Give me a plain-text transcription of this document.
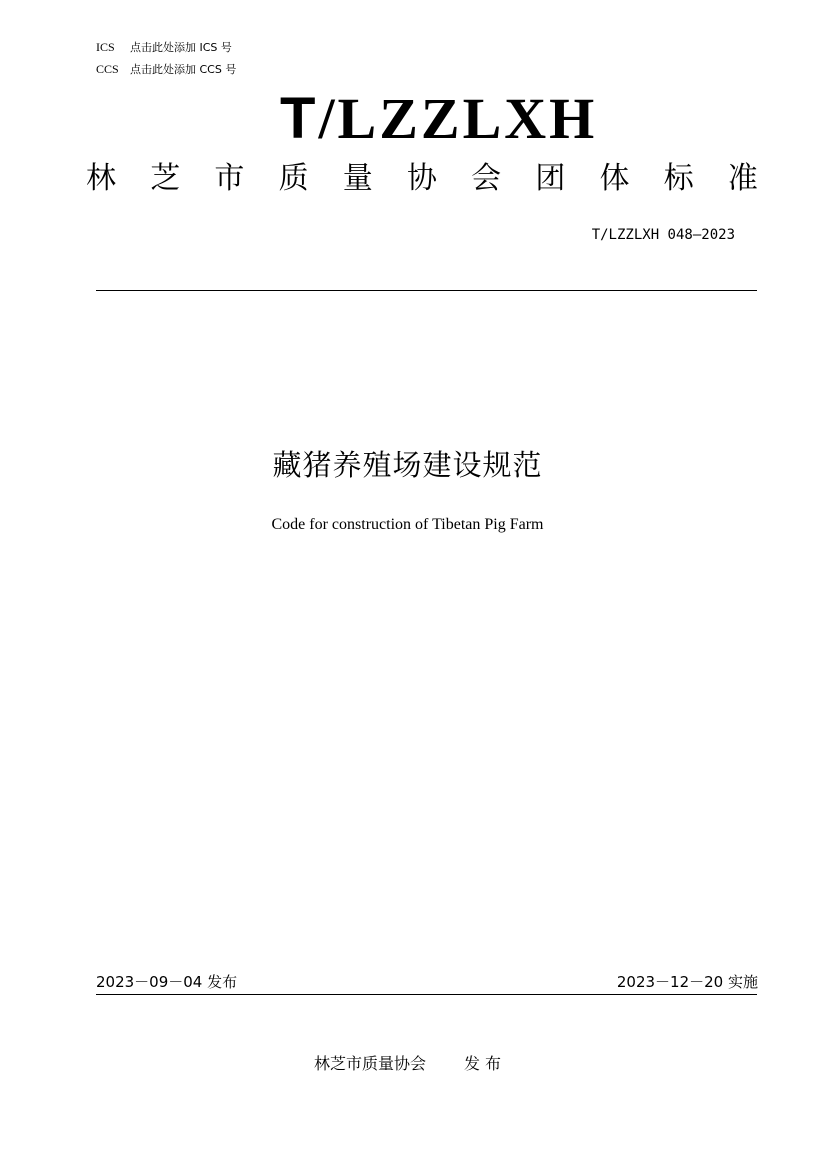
ICS 点击此处添加 ICS 号
CCS 点击此处添加 CCS 号
T/LZZLXH
林 芝 市 质 量 协 会 团 体 标 准
T/LZZLXH 048—2023
藏猪养殖场建设规范
Code for construction of Tibetan Pig Farm
2023－09－04 发布	2023－12－20 实施
林芝市质量协会 发 布
